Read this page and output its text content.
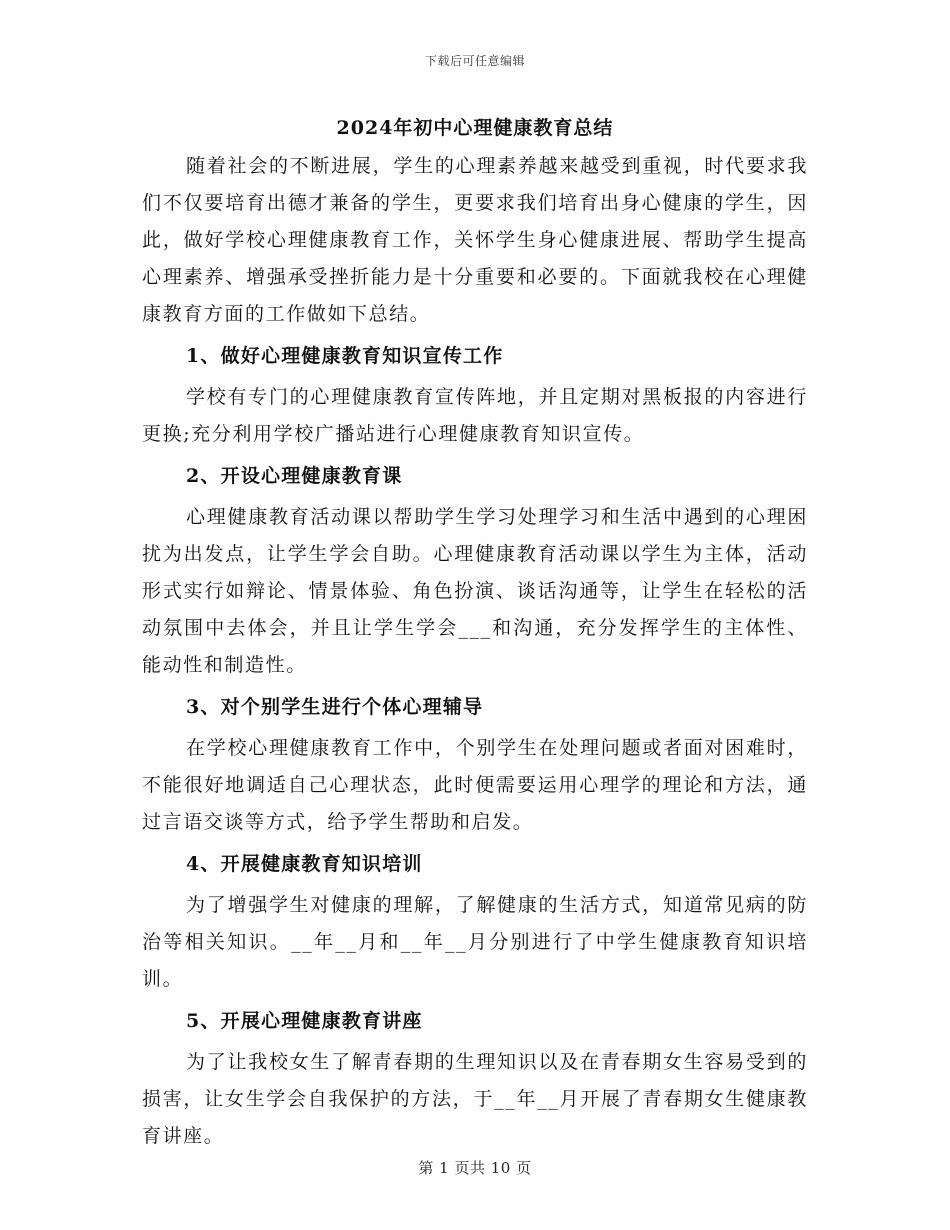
下载后可任意编辑
2024年初中心理健康教育总结

随着社会的不断进展，学生的心理素养越来越受到重视，时代要求我们不仅要培育出德才兼备的学生，更要求我们培育出身心健康的学生，因此，做好学校心理健康教育工作，关怀学生身心健康进展、帮助学生提高心理素养、增强承受挫折能力是十分重要和必要的。下面就我校在心理健康教育方面的工作做如下总结。

1、做好心理健康教育知识宣传工作

学校有专门的心理健康教育宣传阵地，并且定期对黑板报的内容进行更换;充分利用学校广播站进行心理健康教育知识宣传。

2、开设心理健康教育课

心理健康教育活动课以帮助学生学习处理学习和生活中遇到的心理困扰为出发点，让学生学会自助。心理健康教育活动课以学生为主体，活动形式实行如辩论、情景体验、角色扮演、谈话沟通等，让学生在轻松的活动氛围中去体会，并且让学生学会___和沟通，充分发挥学生的主体性、能动性和制造性。

3、对个别学生进行个体心理辅导

在学校心理健康教育工作中，个别学生在处理问题或者面对困难时，不能很好地调适自己心理状态，此时便需要运用心理学的理论和方法，通过言语交谈等方式，给予学生帮助和启发。

4、开展健康教育知识培训

为了增强学生对健康的理解，了解健康的生活方式，知道常见病的防治等相关知识。__年__月和__年__月分别进行了中学生健康教育知识培训。

5、开展心理健康教育讲座

为了让我校女生了解青春期的生理知识以及在青春期女生容易受到的损害，让女生学会自我保护的方法，于__年__月开展了青春期女生健康教育讲座。

第 1 页共 10 页
